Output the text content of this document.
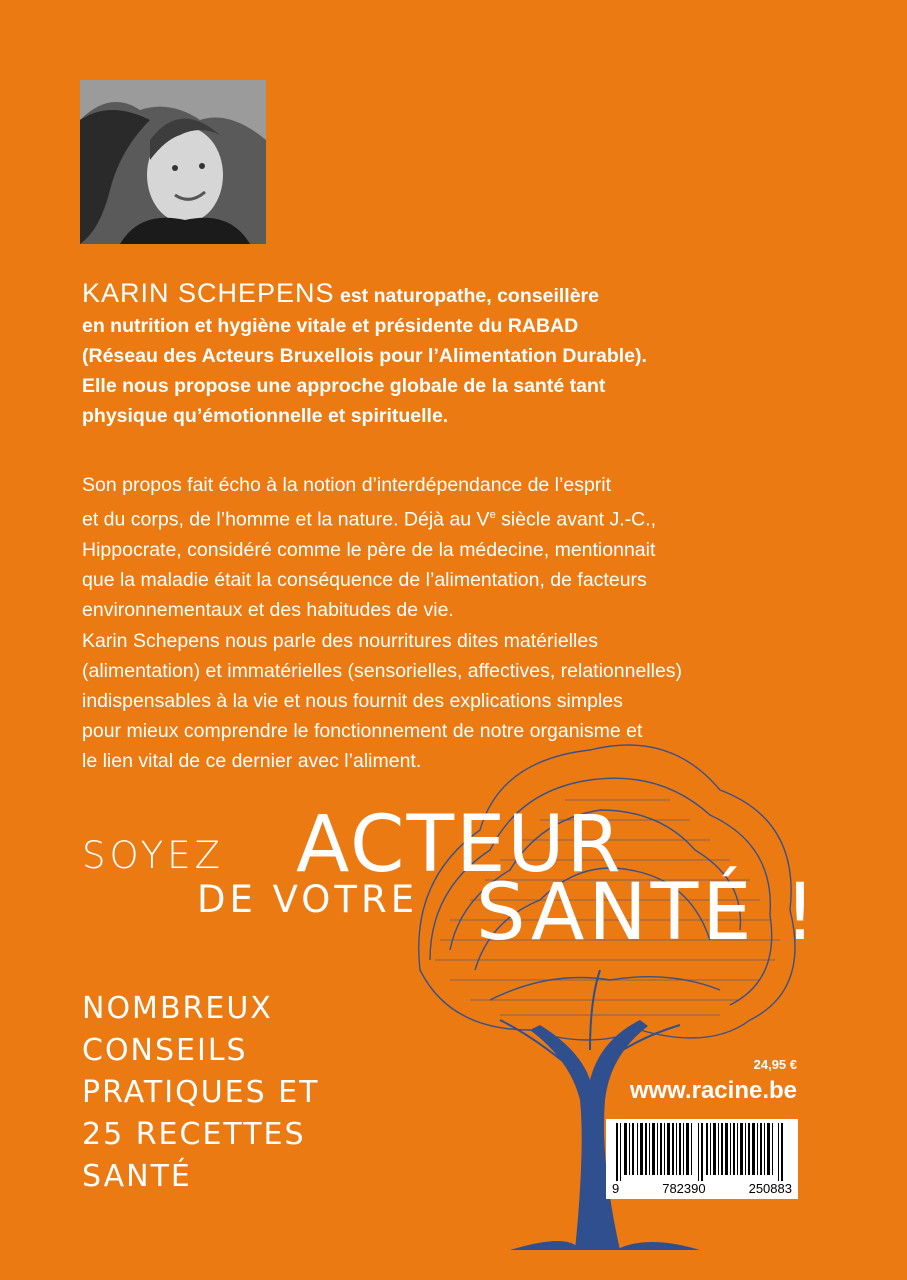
KARIN SCHEPENS est naturopathe, conseillère
en nutrition et hygiène vitale et présidente du RABAD
(Réseau des Acteurs Bruxellois pour l’Alimentation Durable).
Elle nous propose une approche globale de la santé tant
physique qu’émotionnelle et spirituelle.
Son propos fait écho à la notion d’interdépendance de l’esprit
et du corps, de l’homme et la nature. Déjà au Ve siècle avant J.-C.,
Hippocrate, considéré comme le père de la médecine, mentionnait
que la maladie était la conséquence de l’alimentation, de facteurs
environnementaux et des habitudes de vie.
Karin Schepens nous parle des nourritures dites matérielles
(alimentation) et immatérielles (sensorielles, affectives, relationnelles)
indispensables à la vie et nous fournit des explications simples
pour mieux comprendre le fonctionnement de notre organisme et
le lien vital de ce dernier avec l’aliment.
SOYEZ ACTEUR
DE VOTRE SANTÉ !
NOMBREUX
CONSEILS
PRATIQUES ET
25 RECETTES
SANTÉ
24,95 €
www.racine.be
9	782390	250883
